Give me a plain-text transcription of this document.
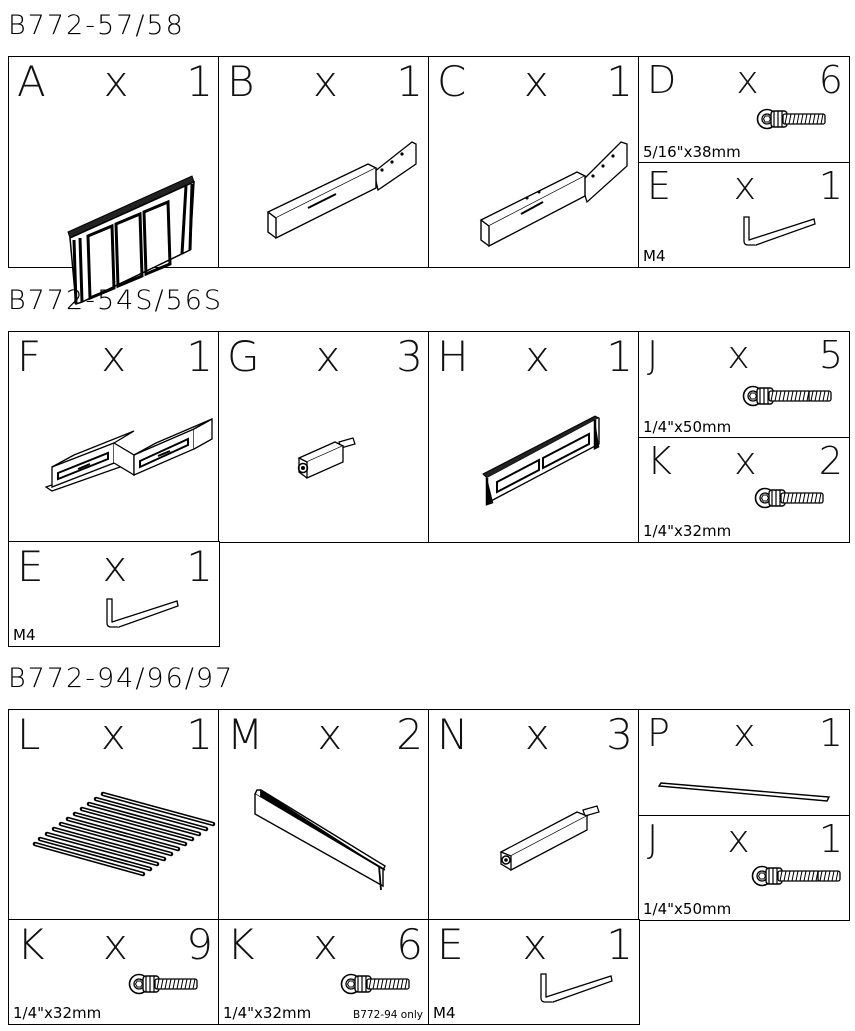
B772-57/58
A x 1 B x 1 C x 1 D x 6
5/16"x38mm
E x 1
M4
B772-54S/56S
F x 1 G x 3 H x 1 J x 5
1/4"x50mm
K x 2
1/4"x32mm
E x 1
M4
B772-94/96/97
L x 1 M x 2 N x 3 P x 1
J x 1
1/4"x50mm
K x 9
1/4"x32mm
K x 6
1/4"x32mm	B772-94 only
E x 1
M4
